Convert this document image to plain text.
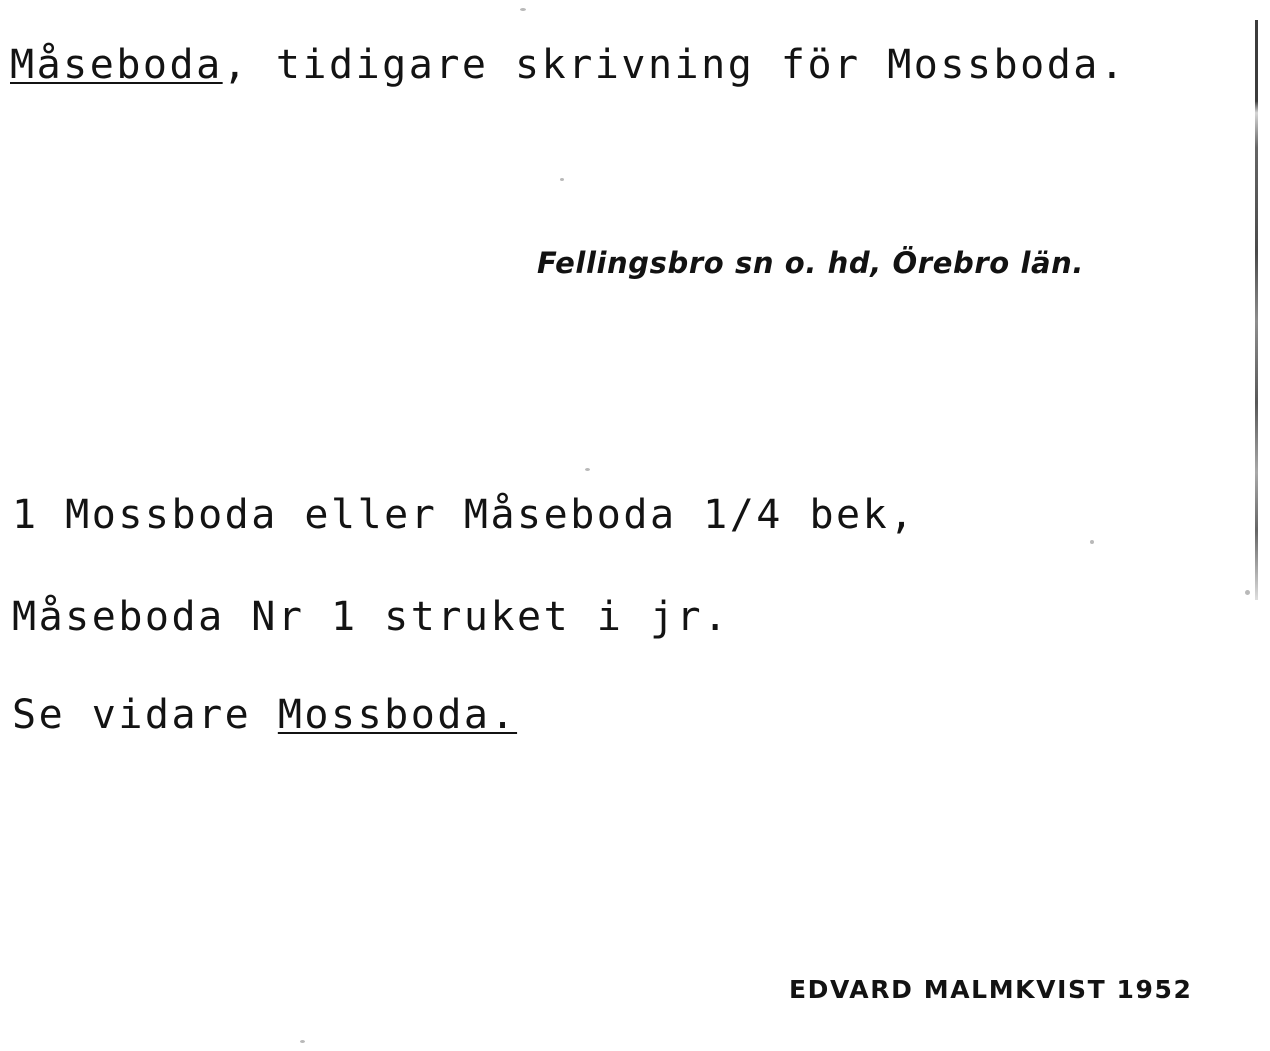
Måseboda, tidigare skrivning för Mossboda.
Fellingsbro sn o. hd, Örebro län.
1 Mossboda eller Måseboda 1/4 bek,
Måseboda Nr 1 struket i jr.
Se vidare Mossboda.
EDVARD MALMKVIST 1952
